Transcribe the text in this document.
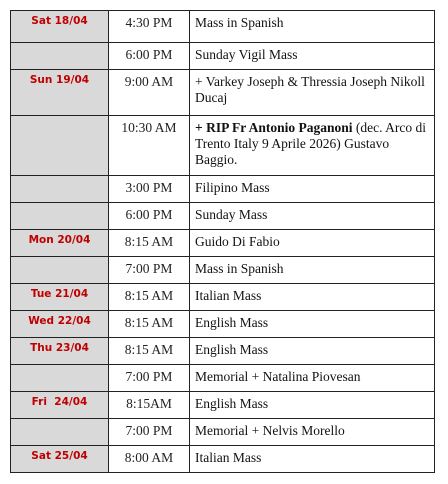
Sat 18/04	4:30 PM	Mass in Spanish
	6:00 PM	Sunday Vigil Mass
Sun 19/04	9:00 AM	+ Varkey Joseph & Thressia Joseph Nikoll Ducaj
	10:30 AM	+ RIP Fr Antonio Paganoni (dec. Arco di Trento Italy 9 Aprile 2026) Gustavo Baggio.
	3:00 PM	Filipino Mass
	6:00 PM	Sunday Mass
Mon 20/04	8:15 AM	Guido Di Fabio
	7:00 PM	Mass in Spanish
Tue 21/04	8:15 AM	Italian Mass
Wed 22/04	8:15 AM	English Mass
Thu 23/04	8:15 AM	English Mass
	7:00 PM	Memorial + Natalina Piovesan
Fri  24/04	8:15AM	English Mass
	7:00 PM	Memorial + Nelvis Morello
Sat 25/04	8:00 AM	Italian Mass
